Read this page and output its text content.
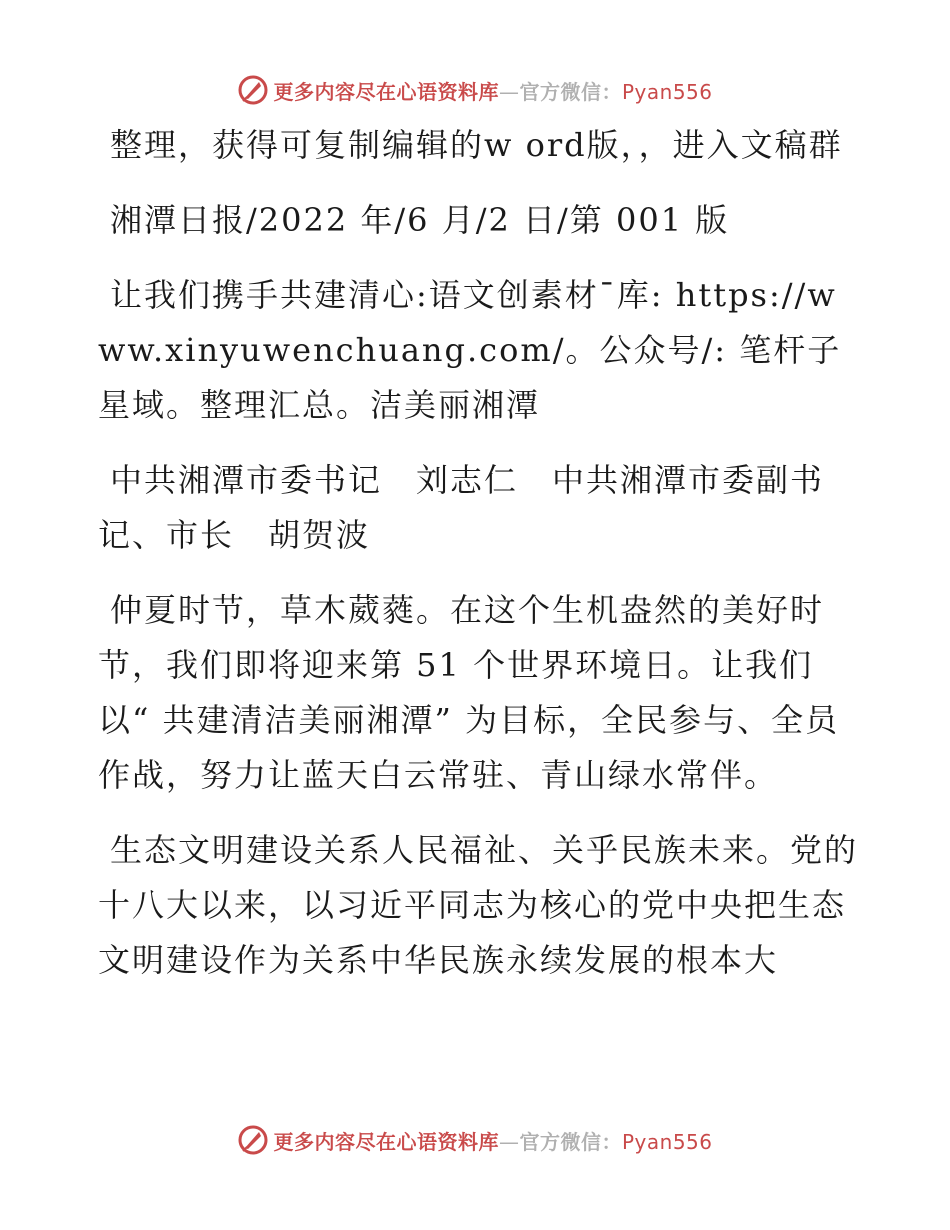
更多内容尽在心语资料库—官方微信：Pyan556

整理，获得可复制编辑的w ord版，，进入文稿群

湘潭日报/2022 年/6 月/2 日/第 001 版

让我们携手共建清心:语文创素材¯库: https://www.xinyuwenchuang.com/。公众号/: 笔杆子星域。整理汇总。洁美丽湘潭

中共湘潭市委书记　刘志仁　中共湘潭市委副书记、市长　胡贺波

仲夏时节，草木葳蕤。在这个生机盎然的美好时节，我们即将迎来第 51 个世界环境日。让我们以“ 共建清洁美丽湘潭” 为目标，全民参与、全员作战，努力让蓝天白云常驻、青山绿水常伴。

生态文明建设关系人民福祉、关乎民族未来。党的十八大以来，以习近平同志为核心的党中央把生态文明建设作为关系中华民族永续发展的根本大

更多内容尽在心语资料库—官方微信：Pyan556
